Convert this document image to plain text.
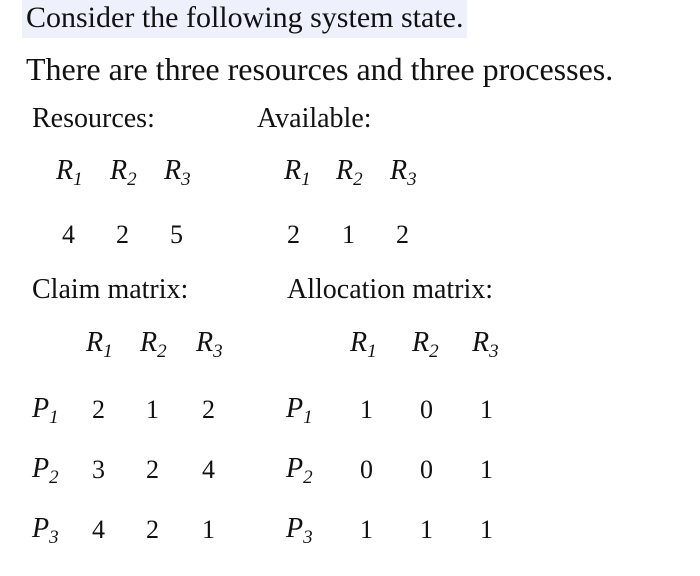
Consider the following system state.
There are three resources and three processes.
Resources:
$R_1$ $R_2$ $R_3$
4 2 5
Available:
$R_1$ $R_2$ $R_3$
2 1 2
Claim matrix:
$R_1$ $R_2$ $R_3$
$P_1$ 2 1 2
$P_2$ 3 2 4
$P_3$ 4 2 1
Allocation matrix:
$R_1$ $R_2$ $R_3$
$P_1$ 1 0 1
$P_2$ 0 0 1
$P_3$ 1 1 1
